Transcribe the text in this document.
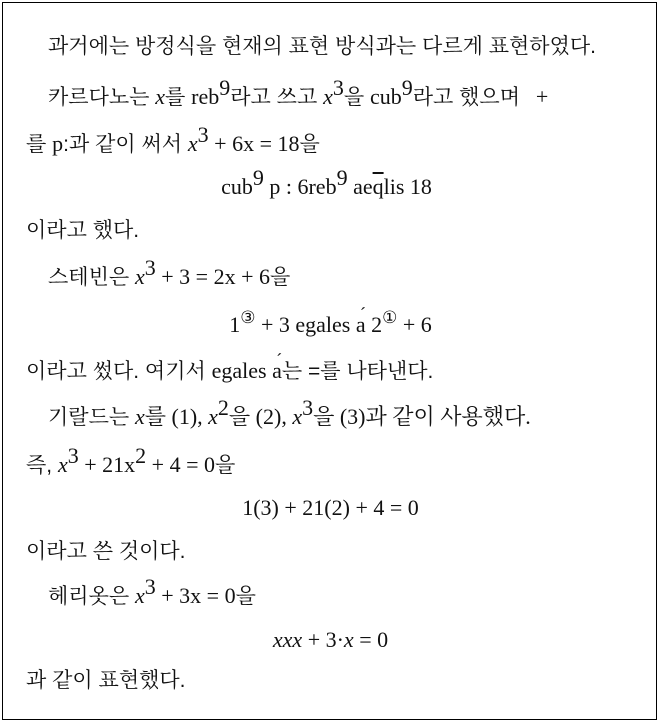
과거에는 방정식을 현재의 표현 방식과는 다르게 표현하였다.
카르다노는 x를 reb$^9$라고 쓰고 $x^3$을 cub$^9$라고 했으며 +
를 p:과 같이 써서 $x^3 + 6x = 18$을
cub$^9$ p : 6reb$^9$ $ae\overline{q}lis$ 18
이라고 했다.
스테빈은 $x^3 + 3 = 2x + 6$을
1③ + 3 egales ´ a 2① + 6
이라고 썼다. 여기서 egales ´ a는 =를 나타낸다.
기랄드는 x를 (1), $x^2$을 (2), $x^3$을 (3)과 같이 사용했다.
즉, $x^3 + 21x^2 + 4 = 0$을
1(3) + 21(2) + 4 = 0
이라고 쓴 것이다.
헤리옷은 $x^3 + 3x = 0$을
xxx + 3·x = 0
과 같이 표현했다.
